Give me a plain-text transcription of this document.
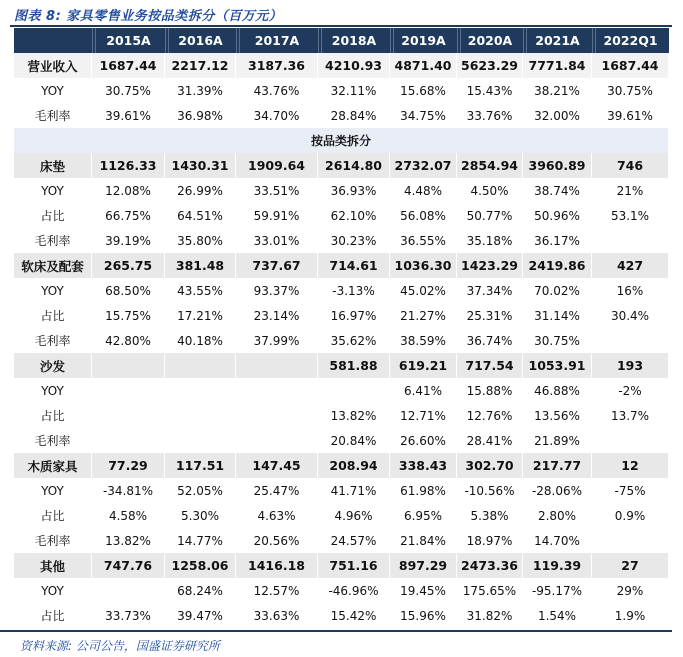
图表 8: 家具零售业务按品类拆分（百万元）
	2015A	2016A	2017A	2018A	2019A	2020A	2021A	2022Q1
营业收入	1687.44	2217.12	3187.36	4210.93	4871.40	5623.29	7771.84	1687.44
YOY	30.75%	31.39%	43.76%	32.11%	15.68%	15.43%	38.21%	30.75%
毛利率	39.61%	36.98%	34.70%	28.84%	34.75%	33.76%	32.00%	39.61%
按品类拆分								
床垫	1126.33	1430.31	1909.64	2614.80	2732.07	2854.94	3960.89	746
YOY	12.08%	26.99%	33.51%	36.93%	4.48%	4.50%	38.74%	21%
占比	66.75%	64.51%	59.91%	62.10%	56.08%	50.77%	50.96%	53.1%
毛利率	39.19%	35.80%	33.01%	30.23%	36.55%	35.18%	36.17%	
软床及配套	265.75	381.48	737.67	714.61	1036.30	1423.29	2419.86	427
YOY	68.50%	43.55%	93.37%	-3.13%	45.02%	37.34%	70.02%	16%
占比	15.75%	17.21%	23.14%	16.97%	21.27%	25.31%	31.14%	30.4%
毛利率	42.80%	40.18%	37.99%	35.62%	38.59%	36.74%	30.75%	
沙发				581.88	619.21	717.54	1053.91	193
YOY					6.41%	15.88%	46.88%	-2%
占比				13.82%	12.71%	12.76%	13.56%	13.7%
毛利率				20.84%	26.60%	28.41%	21.89%	
木质家具	77.29	117.51	147.45	208.94	338.43	302.70	217.77	12
YOY	-34.81%	52.05%	25.47%	41.71%	61.98%	-10.56%	-28.06%	-75%
占比	4.58%	5.30%	4.63%	4.96%	6.95%	5.38%	2.80%	0.9%
毛利率	13.82%	14.77%	20.56%	24.57%	21.84%	18.97%	14.70%	
其他	747.76	1258.06	1416.18	751.16	897.29	2473.36	119.39	27
YOY		68.24%	12.57%	-46.96%	19.45%	175.65%	-95.17%	29%
占比	33.73%	39.47%	33.63%	15.42%	15.96%	31.82%	1.54%	1.9%
资料来源: 公司公告，国盛证券研究所
